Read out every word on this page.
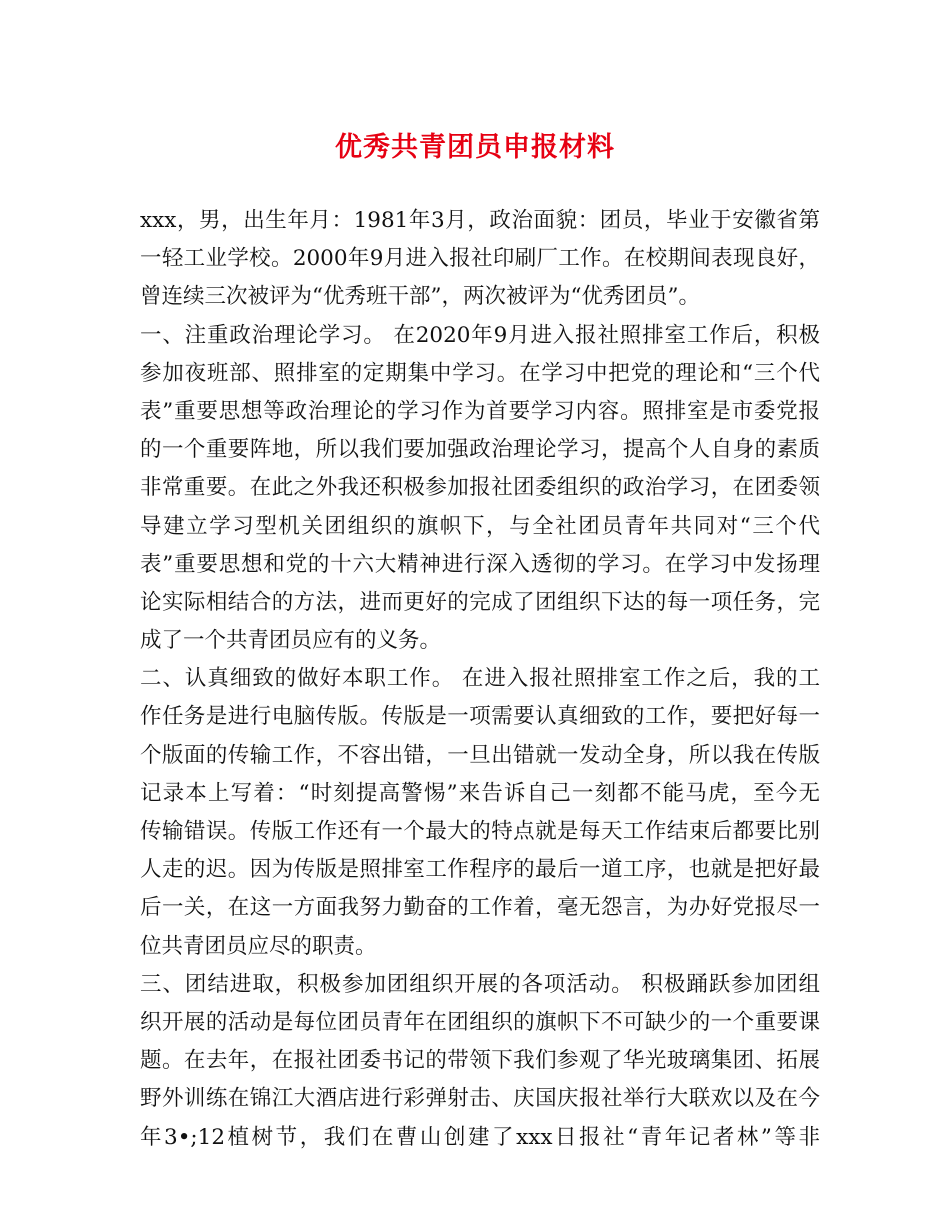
优秀共青团员申报材料
xxx，男，出生年月：1981年3月，政治面貌：团员，毕业于安徽省第
一轻工业学校。2000年9月进入报社印刷厂工作。在校期间表现良好，
曾连续三次被评为“优秀班干部”，两次被评为“优秀团员”。
一、注重政治理论学习。 在2020年9月进入报社照排室工作后，积极
参加夜班部、照排室的定期集中学习。在学习中把党的理论和“三个代
表”重要思想等政治理论的学习作为首要学习内容。照排室是市委党报
的一个重要阵地，所以我们要加强政治理论学习，提高个人自身的素质
非常重要。在此之外我还积极参加报社团委组织的政治学习，在团委领
导建立学习型机关团组织的旗帜下，与全社团员青年共同对“三个代
表”重要思想和党的十六大精神进行深入透彻的学习。在学习中发扬理
论实际相结合的方法，进而更好的完成了团组织下达的每一项任务，完
成了一个共青团员应有的义务。
二、认真细致的做好本职工作。 在进入报社照排室工作之后，我的工
作任务是进行电脑传版。传版是一项需要认真细致的工作，要把好每一
个版面的传输工作，不容出错，一旦出错就一发动全身，所以我在传版
记录本上写着：“时刻提高警惕”来告诉自己一刻都不能马虎，至今无
传输错误。传版工作还有一个最大的特点就是每天工作结束后都要比别
人走的迟。因为传版是照排室工作程序的最后一道工序，也就是把好最
后一关，在这一方面我努力勤奋的工作着，毫无怨言，为办好党报尽一
位共青团员应尽的职责。
三、团结进取，积极参加团组织开展的各项活动。 积极踊跃参加团组
织开展的活动是每位团员青年在团组织的旗帜下不可缺少的一个重要课
题。在去年，在报社团委书记的带领下我们参观了华光玻璃集团、拓展
野外训练在锦江大酒店进行彩弹射击、庆国庆报社举行大联欢以及在今
年3•;12植树节，我们在曹山创建了xxx日报社“青年记者林”等非
